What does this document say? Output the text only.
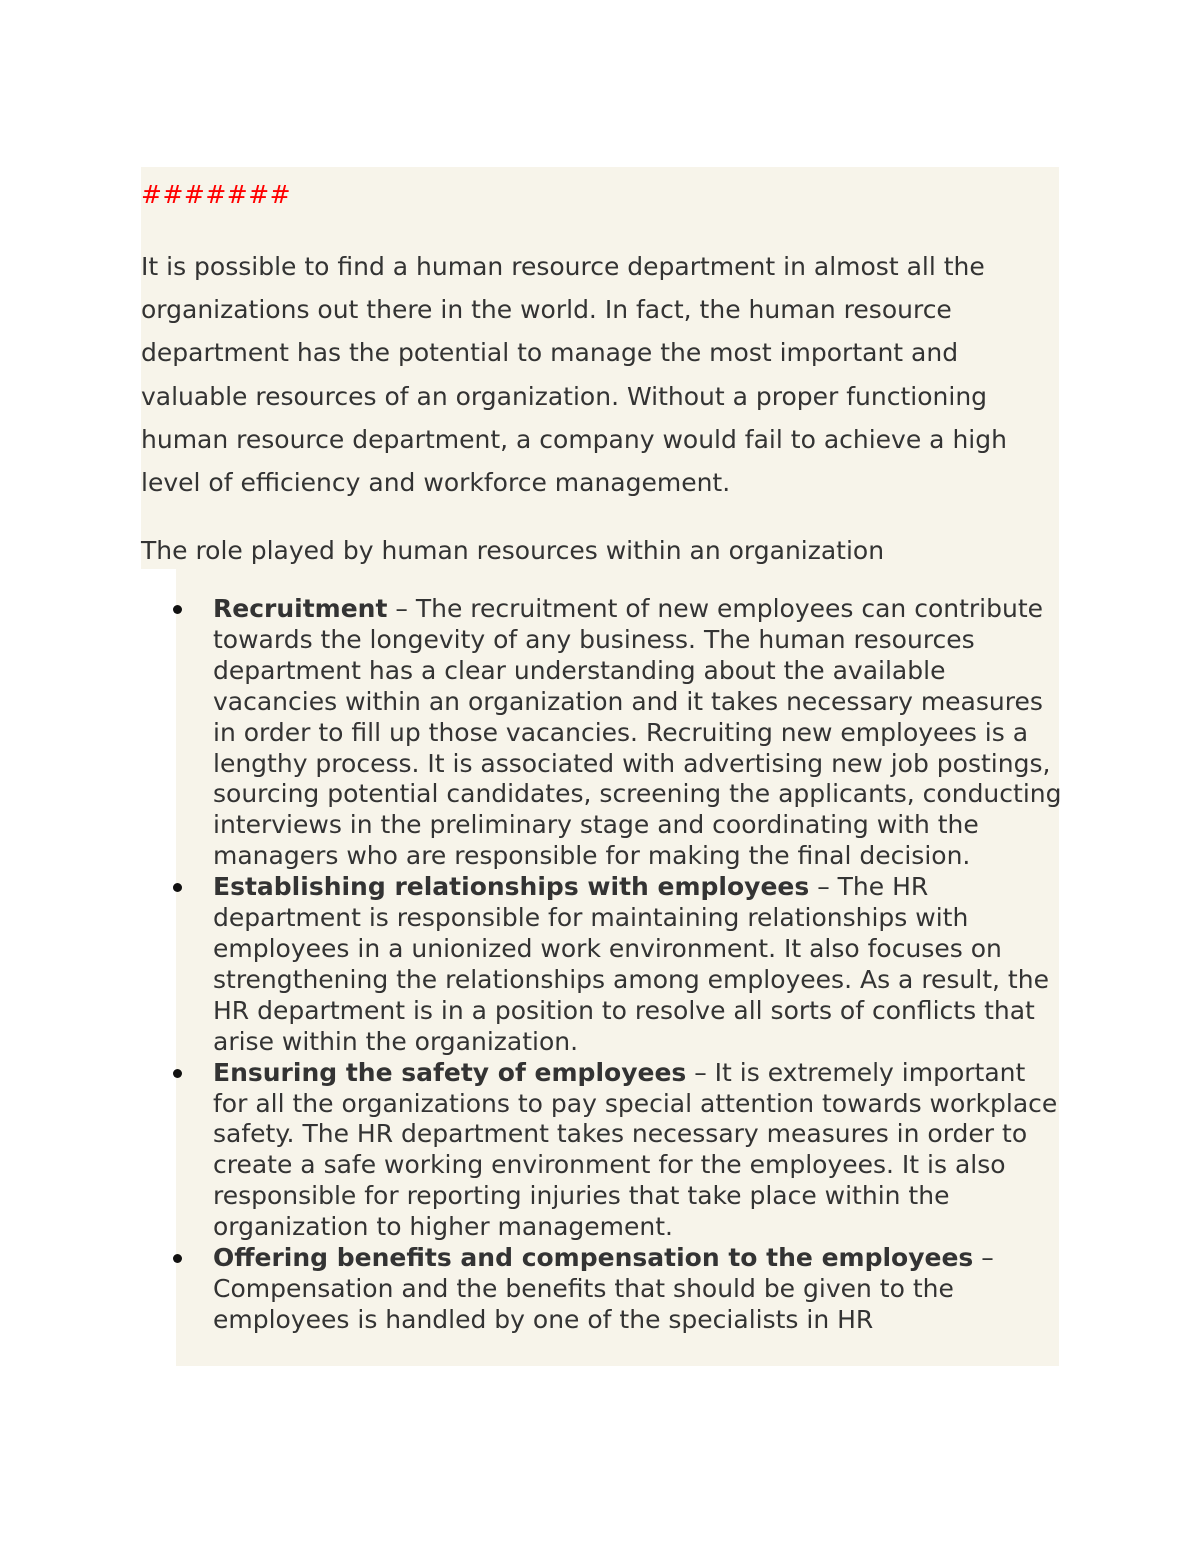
#######

It is possible to find a human resource department in almost all the organizations out there in the world. In fact, the human resource department has the potential to manage the most important and valuable resources of an organization. Without a proper functioning human resource department, a company would fail to achieve a high level of efficiency and workforce management.

The role played by human resources within an organization

Recruitment – The recruitment of new employees can contribute towards the longevity of any business. The human resources department has a clear understanding about the available vacancies within an organization and it takes necessary measures in order to fill up those vacancies. Recruiting new employees is a lengthy process. It is associated with advertising new job postings, sourcing potential candidates, screening the applicants, conducting interviews in the preliminary stage and coordinating with the managers who are responsible for making the final decision.
Establishing relationships with employees – The HR department is responsible for maintaining relationships with employees in a unionized work environment. It also focuses on strengthening the relationships among employees. As a result, the HR department is in a position to resolve all sorts of conflicts that arise within the organization.
Ensuring the safety of employees – It is extremely important for all the organizations to pay special attention towards workplace safety. The HR department takes necessary measures in order to create a safe working environment for the employees. It is also responsible for reporting injuries that take place within the organization to higher management.
Offering benefits and compensation to the employees – Compensation and the benefits that should be given to the employees is handled by one of the specialists in HR
